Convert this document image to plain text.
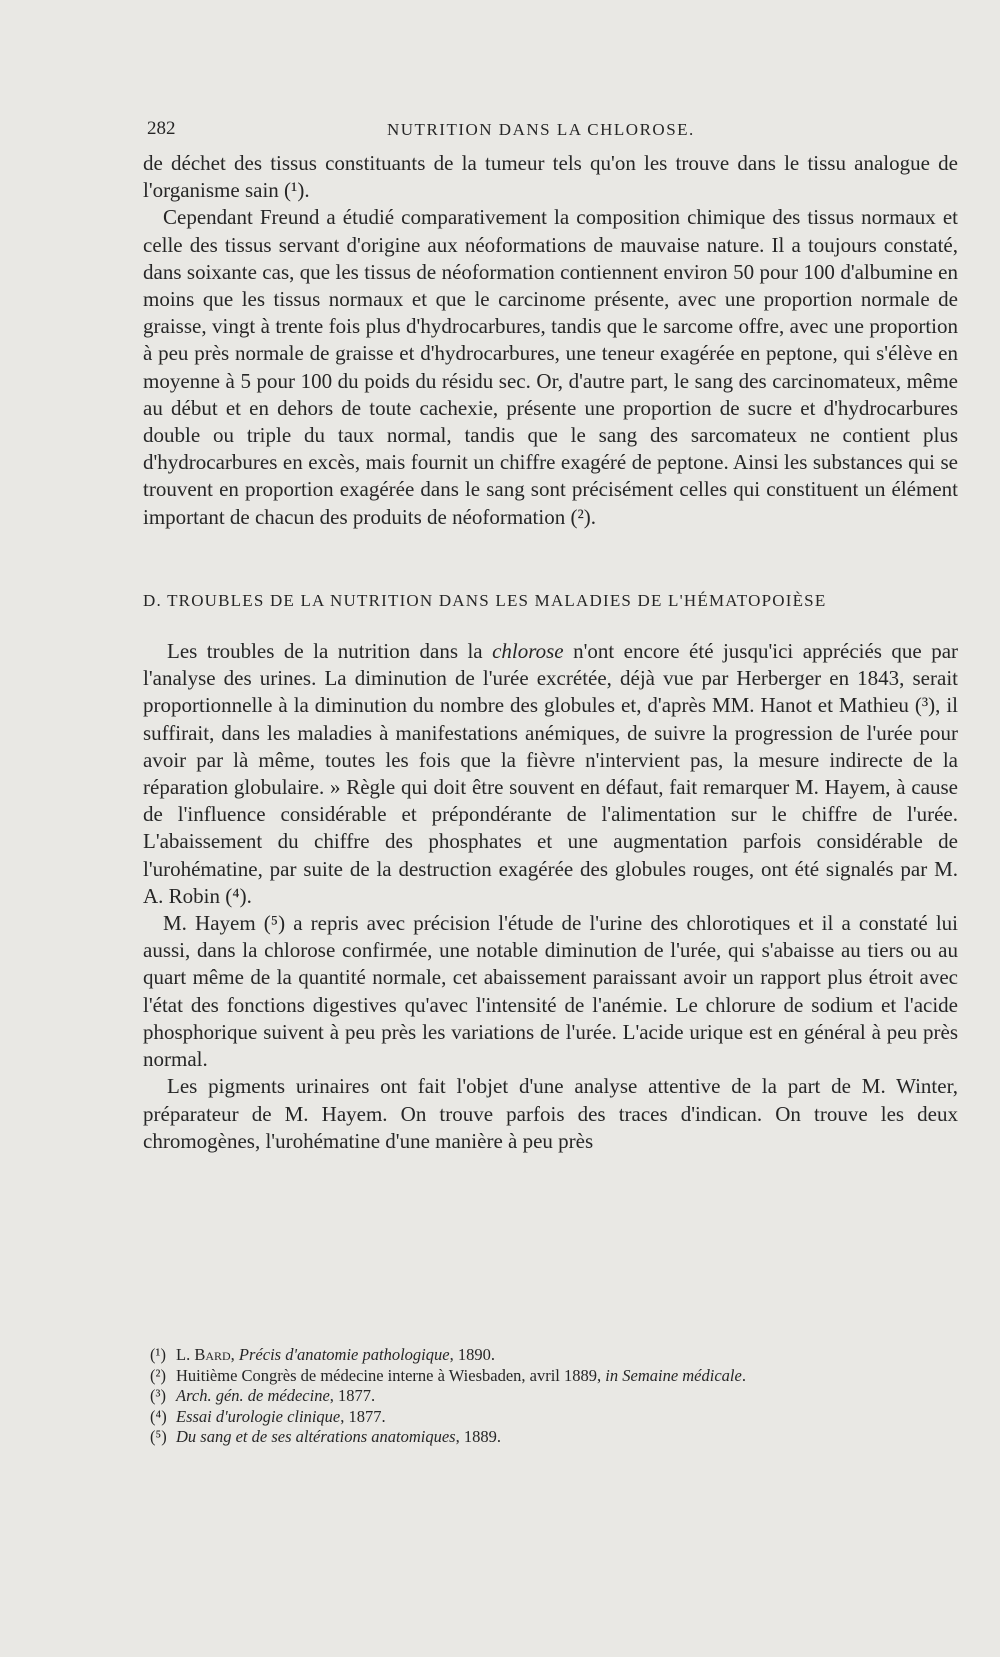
282	NUTRITION DANS LA CHLOROSE.

de déchet des tissus constituants de la tumeur tels qu'on les trouve dans le tissu analogue de l'organisme sain (¹).

Cependant Freund a étudié comparativement la composition chimique des tissus normaux et celle des tissus servant d'origine aux néoformations de mauvaise nature. Il a toujours constaté, dans soixante cas, que les tissus de néoformation contiennent environ 50 pour 100 d'albumine en moins que les tissus normaux et que le carcinome présente, avec une proportion normale de graisse, vingt à trente fois plus d'hydrocarbures, tandis que le sarcome offre, avec une proportion à peu près normale de graisse et d'hydrocarbures, une teneur exagérée en peptone, qui s'élève en moyenne à 5 pour 100 du poids du résidu sec. Or, d'autre part, le sang des carcinomateux, même au début et en dehors de toute cachexie, présente une proportion de sucre et d'hydrocarbures double ou triple du taux normal, tandis que le sang des sarcomateux ne contient plus d'hydrocarbures en excès, mais fournit un chiffre exagéré de peptone. Ainsi les substances qui se trouvent en proportion exagérée dans le sang sont précisément celles qui constituent un élément important de chacun des produits de néoformation (²).

D. TROUBLES DE LA NUTRITION DANS LES MALADIES DE L'HÉMATOPOIÈSE

Les troubles de la nutrition dans la chlorose n'ont encore été jusqu'ici appréciés que par l'analyse des urines. La diminution de l'urée excrétée, déjà vue par Herberger en 1843, serait proportionnelle à la diminution du nombre des globules et, d'après MM. Hanot et Mathieu (³), il suffirait, dans les maladies à manifestations anémiques, de suivre la progression de l'urée pour avoir par là même, toutes les fois que la fièvre n'intervient pas, la mesure indirecte de la réparation globulaire. » Règle qui doit être souvent en défaut, fait remarquer M. Hayem, à cause de l'influence considérable et prépondérante de l'alimentation sur le chiffre de l'urée. L'abaissement du chiffre des phosphates et une augmentation parfois considérable de l'urohématine, par suite de la destruction exagérée des globules rouges, ont été signalés par M. A. Robin (⁴).

M. Hayem (⁵) a repris avec précision l'étude de l'urine des chlorotiques et il a constaté lui aussi, dans la chlorose confirmée, une notable diminution de l'urée, qui s'abaisse au tiers ou au quart même de la quantité normale, cet abaissement paraissant avoir un rapport plus étroit avec l'état des fonctions digestives qu'avec l'intensité de l'anémie. Le chlorure de sodium et l'acide phosphorique suivent à peu près les variations de l'urée. L'acide urique est en général à peu près normal.

Les pigments urinaires ont fait l'objet d'une analyse attentive de la part de M. Winter, préparateur de M. Hayem. On trouve parfois des traces d'indican. On trouve les deux chromogènes, l'urohématine d'une manière à peu près

(¹) L. Bard, Précis d'anatomie pathologique, 1890.

(²) Huitième Congrès de médecine interne à Wiesbaden, avril 1889, in Semaine médicale.

(³) Arch. gén. de médecine, 1877.

(⁴) Essai d'urologie clinique, 1877.

(⁵) Du sang et de ses altérations anatomiques, 1889.
